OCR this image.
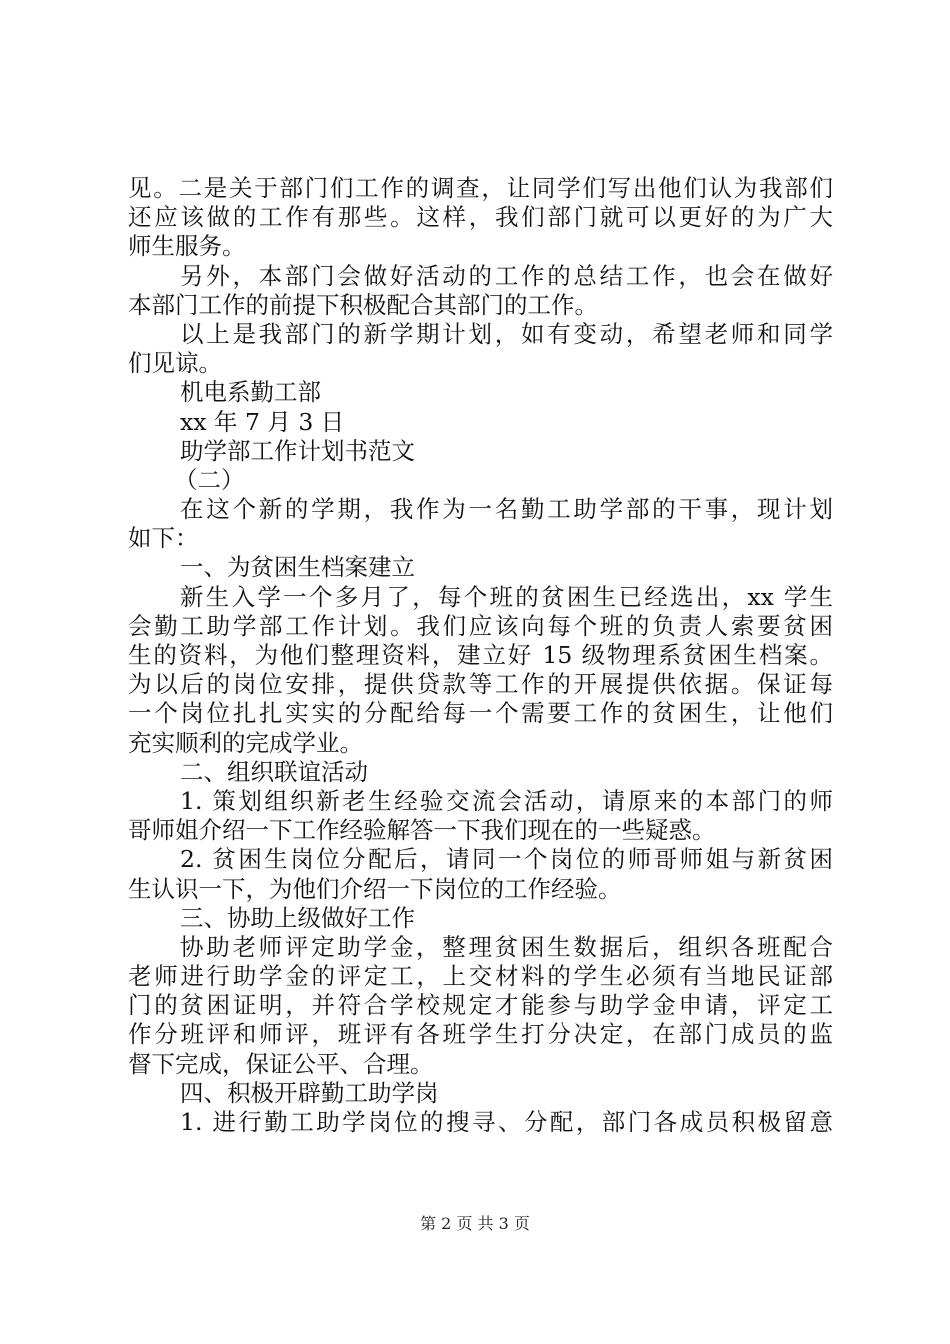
见。二是关于部门们工作的调查，让同学们写出他们认为我部们
还应该做的工作有那些。这样，我们部门就可以更好的为广大
师生服务。
另外，本部门会做好活动的工作的总结工作，也会在做好
本部门工作的前提下积极配合其部门的工作。
以上是我部门的新学期计划，如有变动，希望老师和同学
们见谅。
机电系勤工部
xx 年 7 月 3 日
助学部工作计划书范文
（二）
在这个新的学期，我作为一名勤工助学部的干事，现计划
如下：
一、为贫困生档案建立
新生入学一个多月了，每个班的贫困生已经选出，xx 学生
会勤工助学部工作计划。我们应该向每个班的负责人索要贫困
生的资料，为他们整理资料，建立好 15 级物理系贫困生档案。
为以后的岗位安排，提供贷款等工作的开展提供依据。保证每
一个岗位扎扎实实的分配给每一个需要工作的贫困生，让他们
充实顺利的完成学业。
二、组织联谊活动
1. 策划组织新老生经验交流会活动，请原来的本部门的师
哥师姐介绍一下工作经验解答一下我们现在的一些疑惑。
2. 贫困生岗位分配后，请同一个岗位的师哥师姐与新贫困
生认识一下，为他们介绍一下岗位的工作经验。
三、协助上级做好工作
协助老师评定助学金，整理贫困生数据后，组织各班配合
老师进行助学金的评定工，上交材料的学生必须有当地民证部
门的贫困证明，并符合学校规定才能参与助学金申请，评定工
作分班评和师评，班评有各班学生打分决定，在部门成员的监
督下完成，保证公平、合理。
四、积极开辟勤工助学岗
1. 进行勤工助学岗位的搜寻、分配，部门各成员积极留意
第 2 页 共 3 页
